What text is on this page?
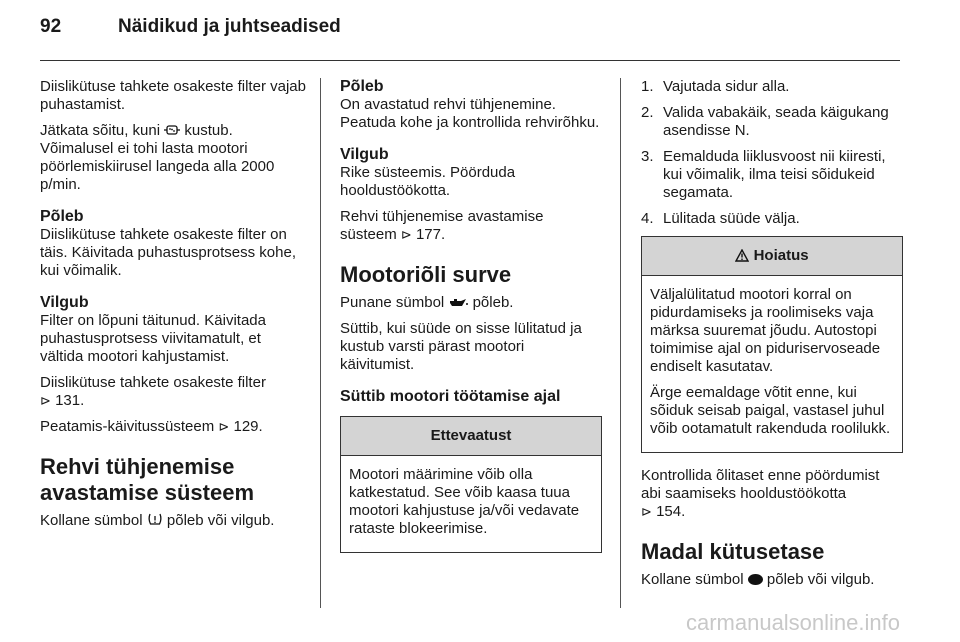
92	Näidikud ja juhtseadised

Diislikütuse tahkete osakeste filter vajab puhastamist.

Jätkata sõitu, kuni kustub. Võimalusel ei tohi lasta mootori pöörlemiskiirusel langeda alla 2000 p/min.

Põleb

Diislikütuse tahkete osakeste filter on täis. Käivitada puhastusprotsess kohe, kui võimalik.

Vilgub

Filter on lõpuni täitunud. Käivitada puhastusprotsess viivitamatult, et vältida mootori kahjustamist.

Diislikütuse tahkete osakeste filter
⊳ 131.

Peatamis-käivitussüsteem ⊳ 129.

Rehvi tühjenemise avastamise süsteem

Kollane sümbol põleb või vilgub.

Põleb

On avastatud rehvi tühjenemine. Peatuda kohe ja kontrollida rehvirõhku.

Vilgub

Rike süsteemis. Pöörduda hooldustöökotta.

Rehvi tühjenemise avastamise süsteem ⊳ 177.

Mootoriõli surve

Punane sümbol põleb.

Süttib, kui süüde on sisse lülitatud ja kustub varsti pärast mootori käivitumist.

Süttib mootori töötamise ajal
Ettevaatust

Mootori määrimine võib olla katkestatud. See võib kaasa tuua mootori kahjustuse ja/või vedavate rataste blokeerimise.

1. Vajutada sidur alla.
2. Valida vabakäik, seada käigukang asendisse N.
3. Eemalduda liiklusvoost nii kiiresti, kui võimalik, ilma teisi sõidukeid segamata.
4. Lülitada süüde välja.
Hoiatus

Väljalülitatud mootori korral on pidurdamiseks ja roolimiseks vaja märksa suuremat jõudu. Autostopi toimimise ajal on piduriservoseade endiselt kasutatav.

Ärge eemaldage võtit enne, kui sõiduk seisab paigal, vastasel juhul võib ootamatult rakenduda roolilukk.

Kontrollida õlitaset enne pöördumist abi saamiseks hooldustöökotta
⊳ 154.

Madal kütusetase

Kollane sümbol põleb või vilgub.

carmanualsonline.info
